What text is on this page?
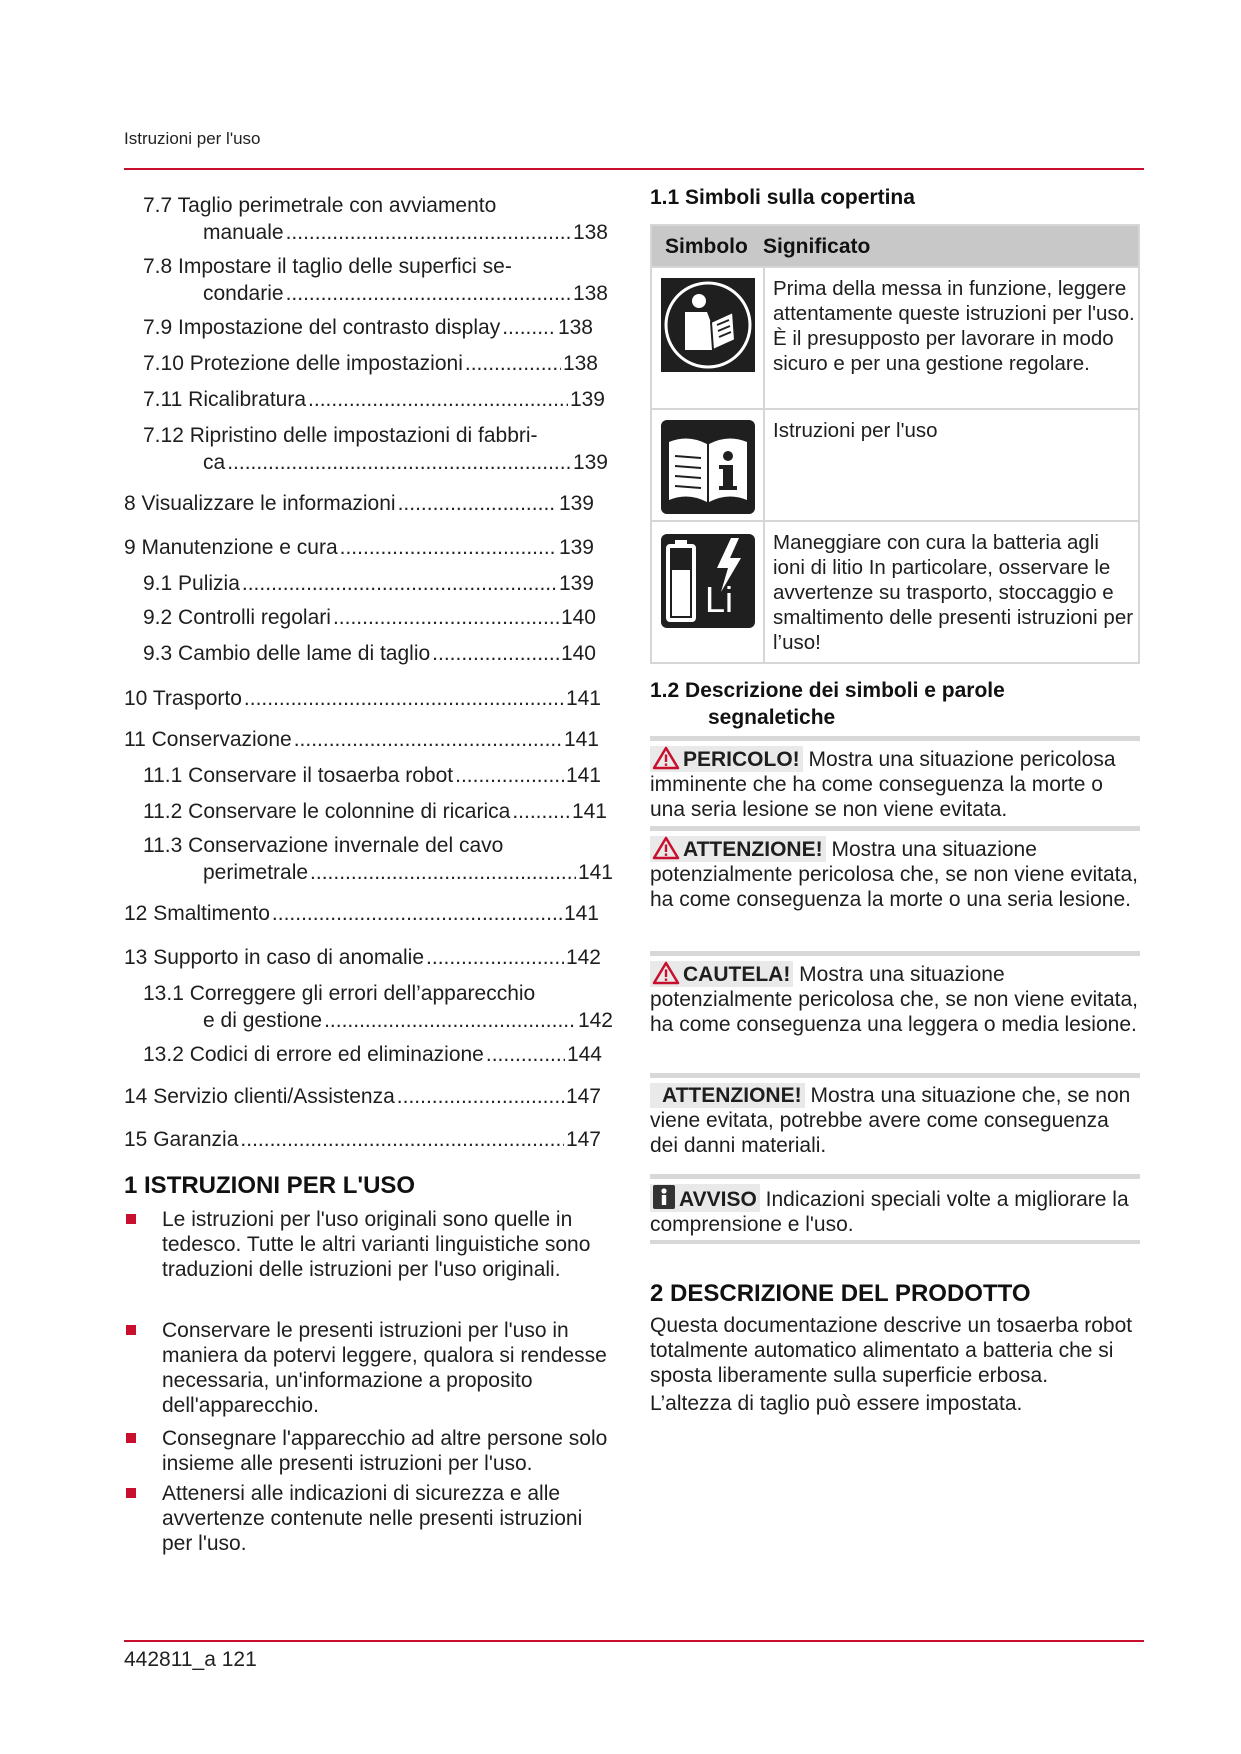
Istruzioni per l'uso
7.7 Taglio perimetrale con avviamento
manuale .....	138
7.8 Impostare il taglio delle superfici se-
condarie .....	138
7.9 Impostazione del contrasto display .....	138
7.10 Protezione delle impostazioni .....	138
7.11 Ricalibratura .....	139
7.12 Ripristino delle impostazioni di fabbri-
ca .....	139
8 Visualizzare le informazioni .....	139
9 Manutenzione e cura .....	139
9.1 Pulizia .....	139
9.2 Controlli regolari .....	140
9.3 Cambio delle lame di taglio .....	140
10 Trasporto .....	141
11 Conservazione .....	141
11.1 Conservare il tosaerba robot .....	141
11.2 Conservare le colonnine di ricarica .....	141
11.3 Conservazione invernale del cavo
perimetrale .....	141
12 Smaltimento .....	141
13 Supporto in caso di anomalie .....	142
13.1 Correggere gli errori dell’apparecchio
e di gestione .....	142
13.2 Codici di errore ed eliminazione .....	144
14 Servizio clienti/Assistenza .....	147
15 Garanzia .....	147
1 ISTRUZIONI PER L'USO
Le istruzioni per l'uso originali sono quelle in tedesco. Tutte le altri varianti linguistiche sono traduzioni delle istruzioni per l'uso originali.
Conservare le presenti istruzioni per l'uso in maniera da potervi leggere, qualora si rendesse necessaria, un'informazione a proposito dell'apparecchio.
Consegnare l'apparecchio ad altre persone solo insieme alle presenti istruzioni per l'uso.
Attenersi alle indicazioni di sicurezza e alle avvertenze contenute nelle presenti istruzioni per l'uso.
1.1 Simboli sulla copertina
Simbolo Significato
Prima della messa in funzione, leggere attentamente queste istruzioni per l'uso. È il presupposto per lavorare in modo sicuro e per una gestione regolare.
Istruzioni per l'uso
Li
Maneggiare con cura la batteria agli ioni di litio In particolare, osservare le avvertenze su trasporto, stoccaggio e smaltimento delle presenti istruzioni per l’uso!
1.2 Descrizione dei simboli e parole
segnaletiche
PERICOLO! Mostra una situazione pericolosa imminente che ha come conseguenza la morte o una seria lesione se non viene evitata.
ATTENZIONE! Mostra una situazione potenzialmente pericolosa che, se non viene evitata, ha come conseguenza la morte o una seria lesione.
CAUTELA! Mostra una situazione potenzialmente pericolosa che, se non viene evitata, ha come conseguenza una leggera o media lesione.
ATTENZIONE! Mostra una situazione che, se non viene evitata, potrebbe avere come conseguenza dei danni materiali.
AVVISO Indicazioni speciali volte a migliorare la comprensione e l'uso.
2 DESCRIZIONE DEL PRODOTTO
Questa documentazione descrive un tosaerba robot totalmente automatico alimentato a batteria che si sposta liberamente sulla superficie erbosa.
L’altezza di taglio può essere impostata.
442811_a 121
